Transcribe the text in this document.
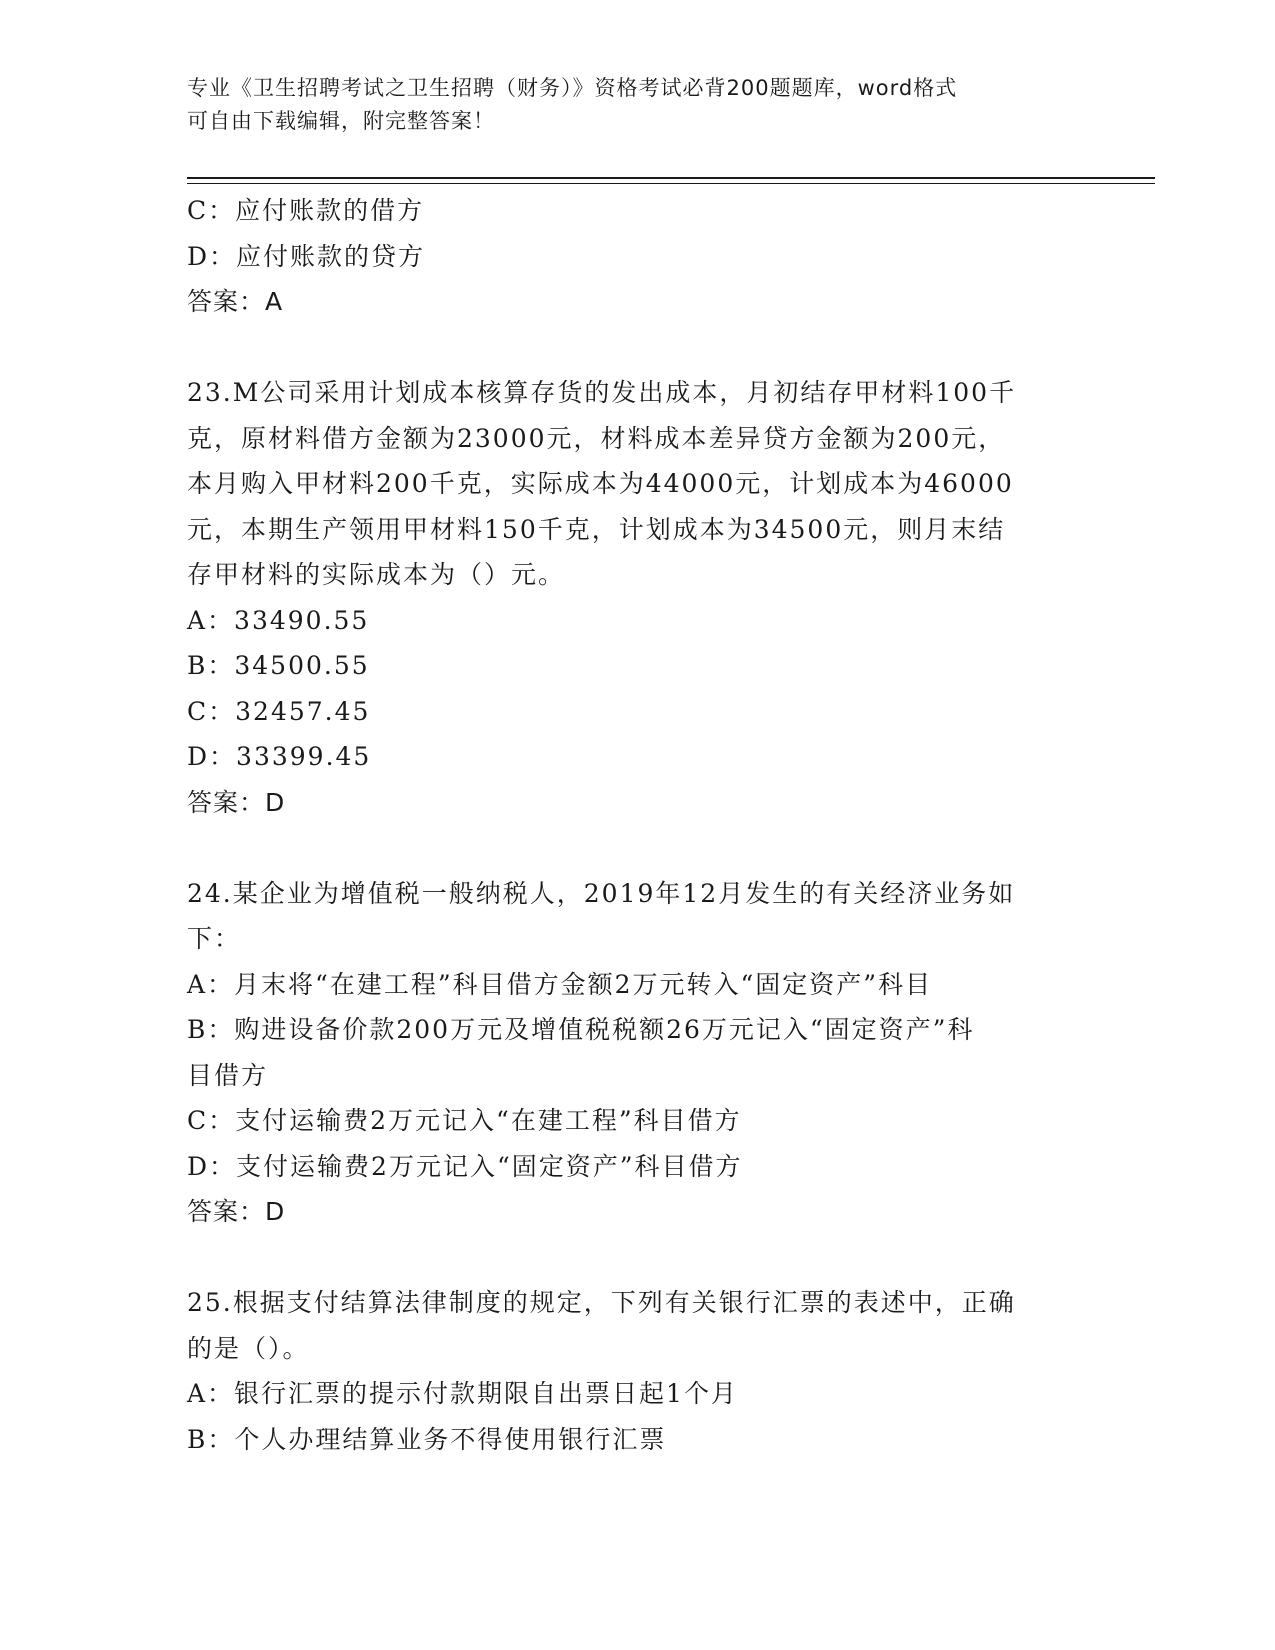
专业《卫生招聘考试之卫生招聘（财务）》资格考试必背200题题库，word格式
可自由下载编辑，附完整答案！
C：应付账款的借方
D：应付账款的贷方
答案：A
23.M公司采用计划成本核算存货的发出成本，月初结存甲材料100千
克，原材料借方金额为23000元，材料成本差异贷方金额为200元，
本月购入甲材料200千克，实际成本为44000元，计划成本为46000
元，本期生产领用甲材料150千克，计划成本为34500元，则月末结
存甲材料的实际成本为（）元。
A：33490.55
B：34500.55
C：32457.45
D：33399.45
答案：D
24.某企业为增值税一般纳税人，2019年12月发生的有关经济业务如
下：
A：月末将“在建工程”科目借方金额2万元转入“固定资产”科目
B：购进设备价款200万元及增值税税额26万元记入“固定资产”科
目借方
C：支付运输费2万元记入“在建工程”科目借方
D：支付运输费2万元记入“固定资产”科目借方
答案：D
25.根据支付结算法律制度的规定，下列有关银行汇票的表述中，正确
的是（）。
A：银行汇票的提示付款期限自出票日起1个月
B：个人办理结算业务不得使用银行汇票
